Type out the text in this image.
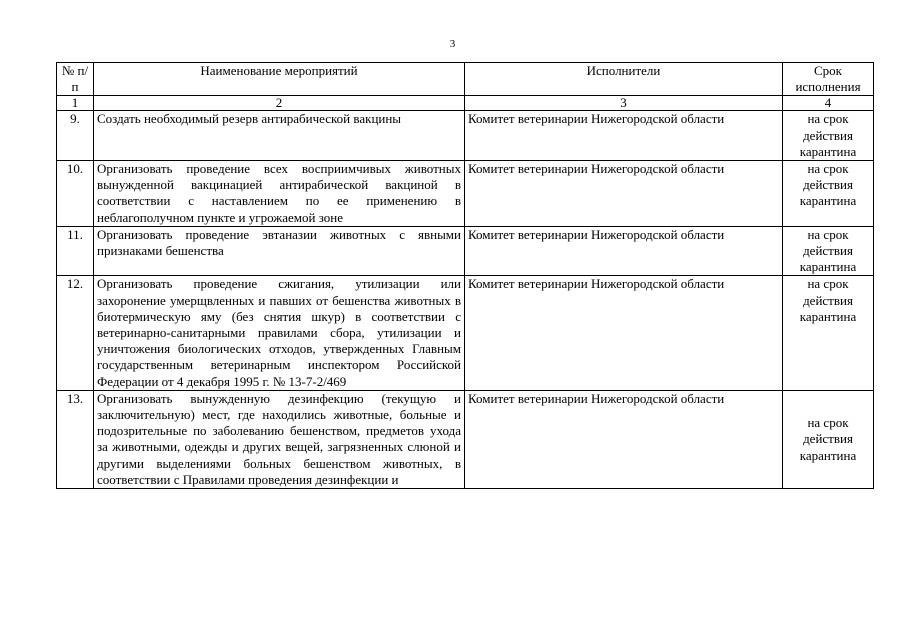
3
№ п/п	Наименование мероприятий	Исполнители	Срок исполнения
1	2	3	4
9.	Создать необходимый резерв антирабической вакцины	Комитет ветеринарии Нижегородской области	на срок действия карантина
10.	Организовать проведение всех восприимчивых животных вынужденной вакцинацией антирабической вакциной в соответствии с наставлением по ее применению в неблагополучном пункте и угрожаемой зоне	Комитет ветеринарии Нижегородской области	на срок действия карантина
11.	Организовать проведение эвтаназии животных с явными признаками бешенства	Комитет ветеринарии Нижегородской области	на срок действия карантина
12.	Организовать проведение сжигания, утилизации или захоронение умерщвленных и павших от бешенства животных в биотермическую яму (без снятия шкур) в соответствии с ветеринарно-санитарными правилами сбора, утилизации и уничтожения биологических отходов, утвержденных Главным государственным ветеринарным инспектором Российской Федерации от 4 декабря 1995 г. № 13-7-2/469	Комитет ветеринарии Нижегородской области	на срок действия карантина
13.	Организовать вынужденную дезинфекцию (текущую и заключительную) мест, где находились животные, больные и подозрительные по заболеванию бешенством, предметов ухода за животными, одежды и других вещей, загрязненных слюной и другими выделениями больных бешенством животных, в соответствии с Правилами проведения дезинфекции и	Комитет ветеринарии Нижегородской области	на срок действия карантина
